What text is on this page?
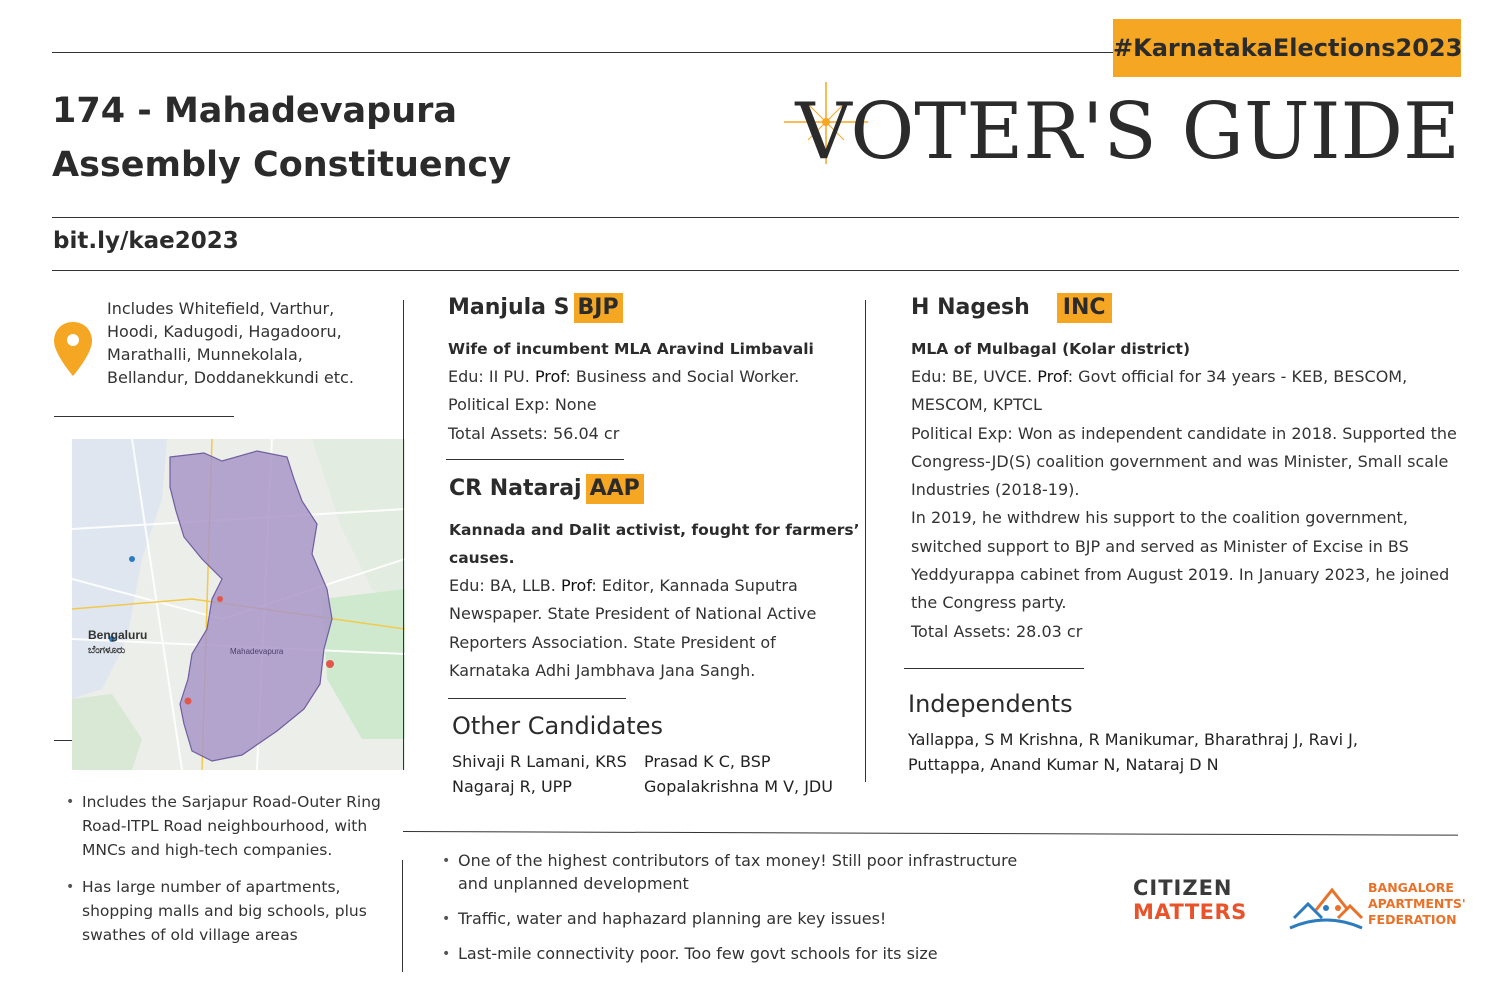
#KarnatakaElections2023
174 - Mahadevapura
Assembly Constituency	VOTER'S GUIDE
bit.ly/kae2023
Includes Whitefield, Varthur, Hoodi, Kadugodi, Hagadooru, Marathalli, Munnekolala, Bellandur, Doddanekkundi etc.
Bengaluru
ಬೆಂಗಳೂರು	Mahadevapura
• Includes the Sarjapur Road-Outer Ring Road-ITPL Road neighbourhood, with MNCs and high-tech companies.
• Has large number of apartments, shopping malls and big schools, plus swathes of old village areas
Manjula S BJP
Wife of incumbent MLA Aravind Limbavali
Edu: II PU. Prof: Business and Social Worker.
Political Exp: None
Total Assets: 56.04 cr
CR Nataraj AAP
Kannada and Dalit activist, fought for farmers’ causes.
Edu: BA, LLB. Prof: Editor, Kannada Suputra Newspaper. State President of National Active Reporters Association. State President of Karnataka Adhi Jambhava Jana Sangh.
Other Candidates
Shivaji R Lamani, KRS	Prasad K C, BSP
Nagaraj R, UPP	Gopalakrishna M V, JDU
H Nagesh INC
MLA of Mulbagal (Kolar district)
Edu: BE, UVCE. Prof: Govt official for 34 years - KEB, BESCOM, MESCOM, KPTCL
Political Exp: Won as independent candidate in 2018. Supported the Congress-JD(S) coalition government and was Minister, Small scale Industries (2018-19).
In 2019, he withdrew his support to the coalition government, switched support to BJP and served as Minister of Excise in BS Yeddyurappa cabinet from August 2019. In January 2023, he joined the Congress party.
Total Assets: 28.03 cr
Independents
Yallappa, S M Krishna, R Manikumar, Bharathraj J, Ravi J, Puttappa, Anand Kumar N, Nataraj D N
• One of the highest contributors of tax money! Still poor infrastructure and unplanned development
• Traffic, water and haphazard planning are key issues!
• Last-mile connectivity poor. Too few govt schools for its size
CITIZEN
MATTERS
BANGALORE
APARTMENTS'
FEDERATION
